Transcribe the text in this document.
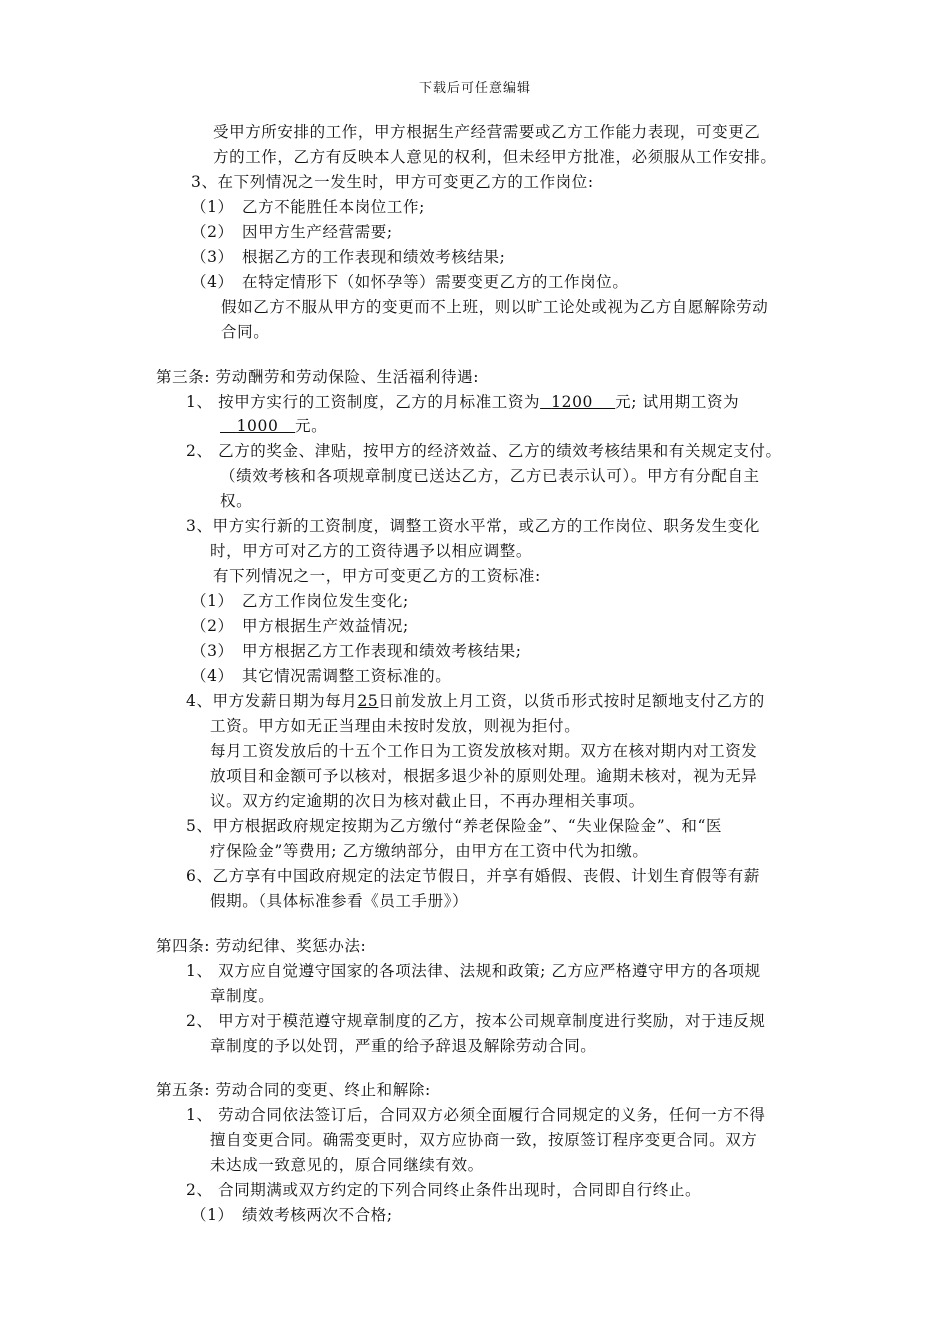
下载后可任意编辑
受甲方所安排的工作，甲方根据生产经营需要或乙方工作能力表现，可变更乙
方的工作，乙方有反映本人意见的权利，但未经甲方批准，必须服从工作安排。
3、在下列情况之一发生时，甲方可变更乙方的工作岗位:
（1）　乙方不能胜任本岗位工作;
（2）　因甲方生产经营需要;
（3）　根据乙方的工作表现和绩效考核结果;
（4）　在特定情形下（如怀孕等）需要变更乙方的工作岗位。
假如乙方不服从甲方的变更而不上班，则以旷工论处或视为乙方自愿解除劳动
合同。
第三条: 劳动酬劳和劳动保险、生活福利待遇:
1、 按甲方实行的工资制度，乙方的月标准工资为 1200 元; 试用期工资为
1000 元。
2、 乙方的奖金、津贴，按甲方的经济效益、乙方的绩效考核结果和有关规定支付。
（绩效考核和各项规章制度已送达乙方，乙方已表示认可）。甲方有分配自主
权。
3、甲方实行新的工资制度，调整工资水平常，或乙方的工作岗位、职务发生变化
时，甲方可对乙方的工资待遇予以相应调整。
有下列情况之一，甲方可变更乙方的工资标准:
（1）　乙方工作岗位发生变化;
（2）　甲方根据生产效益情况;
（3）　甲方根据乙方工作表现和绩效考核结果;
（4）　其它情况需调整工资标准的。
4、甲方发薪日期为每月25日前发放上月工资，以货币形式按时足额地支付乙方的
工资。甲方如无正当理由未按时发放，则视为拒付。
每月工资发放后的十五个工作日为工资发放核对期。双方在核对期内对工资发
放项目和金额可予以核对，根据多退少补的原则处理。逾期未核对，视为无异
议。双方约定逾期的次日为核对截止日，不再办理相关事项。
5、甲方根据政府规定按期为乙方缴付“养老保险金”、“失业保险金”、和“医
疗保险金”等费用; 乙方缴纳部分，由甲方在工资中代为扣缴。
6、乙方享有中国政府规定的法定节假日，并享有婚假、丧假、计划生育假等有薪
假期。（具体标准参看《员工手册》）
第四条: 劳动纪律、奖惩办法:
1、 双方应自觉遵守国家的各项法律、法规和政策; 乙方应严格遵守甲方的各项规
章制度。
2、 甲方对于模范遵守规章制度的乙方，按本公司规章制度进行奖励，对于违反规
章制度的予以处罚，严重的给予辞退及解除劳动合同。
第五条: 劳动合同的变更、终止和解除:
1、 劳动合同依法签订后，合同双方必须全面履行合同规定的义务，任何一方不得
擅自变更合同。确需变更时，双方应协商一致，按原签订程序变更合同。双方
未达成一致意见的，原合同继续有效。
2、 合同期满或双方约定的下列合同终止条件出现时，合同即自行终止。
（1）　绩效考核两次不合格;
